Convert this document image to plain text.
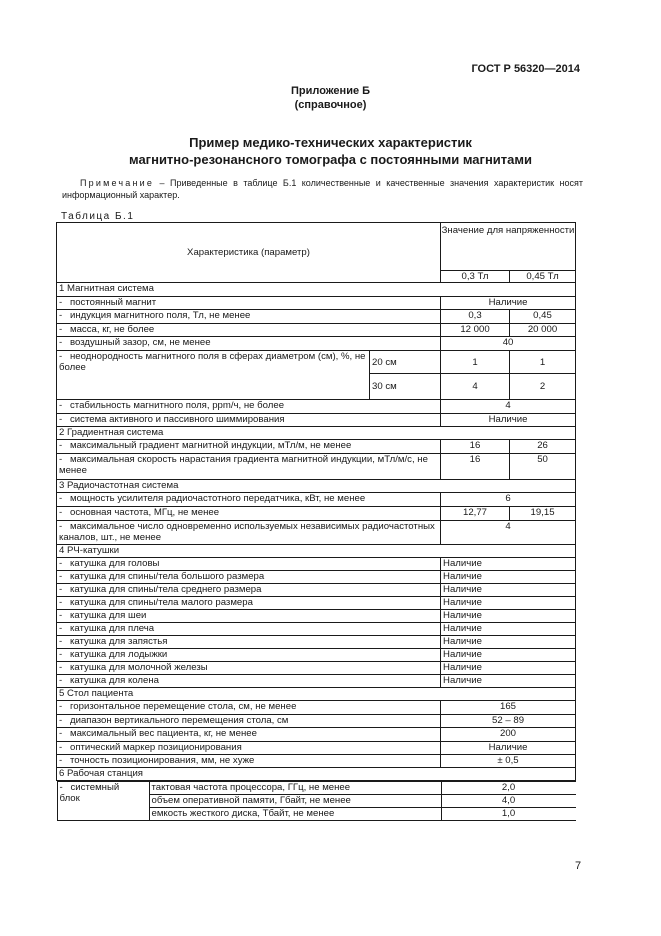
ГОСТ Р 56320—2014
Приложение Б
(справочное)
Пример медико-технических характеристик
магнитно-резонансного томографа с постоянными магнитами
Примечание – Приведенные в таблице Б.1 количественные и качественные значения характеристик носят информационный характер.
Таблица Б.1
Характеристика (параметр)	Значение для напряженности
0,3 Тл	0,45 Тл
1 Магнитная система
- постоянный магнит	Наличие
- индукция магнитного поля, Тл, не менее	0,3	0,45
- масса, кг, не более	12 000	20 000
- воздушный зазор, см, не менее	40
- неоднородность магнитного поля в сферах диаметром (см), %, не более	20 см	1	1
30 см	4	2
- стабильность магнитного поля, ppm/ч, не более	4
- система активного и пассивного шиммирования	Наличие
2 Градиентная система
- максимальный градиент магнитной индукции, мТл/м, не менее	16	26
- максимальная скорость нарастания градиента магнитной индукции, мТл/м/с, не менее	16	50
3 Радиочастотная система
- мощность усилителя радиочастотного передатчика, кВт, не менее	6
- основная частота, МГц, не менее	12,77	19,15
- максимальное число одновременно используемых независимых радиочастотных каналов, шт., не менее	4
4 РЧ-катушки
- катушка для головы	Наличие
- катушка для спины/тела большого размера	Наличие
- катушка для спины/тела среднего размера	Наличие
- катушка для спины/тела малого размера	Наличие
- катушка для шеи	Наличие
- катушка для плеча	Наличие
- катушка для запястья	Наличие
- катушка для лодыжки	Наличие
- катушка для молочной железы	Наличие
- катушка для колена	Наличие
5 Стол пациента
- горизонтальное перемещение стола, см, не менее	165
- диапазон вертикального перемещения стола, см	52 – 89
- максимальный вес пациента, кг, не менее	200
- оптический маркер позиционирования	Наличие
- точность позиционирования, мм, не хуже	± 0,5
6 Рабочая станция

- системный
блок	тактовая частота процессора, ГГц, не менее	2,0
объем оперативной памяти, Гбайт, не менее	4,0
емкость жесткого диска, Тбайт, не менее	1,0
7
